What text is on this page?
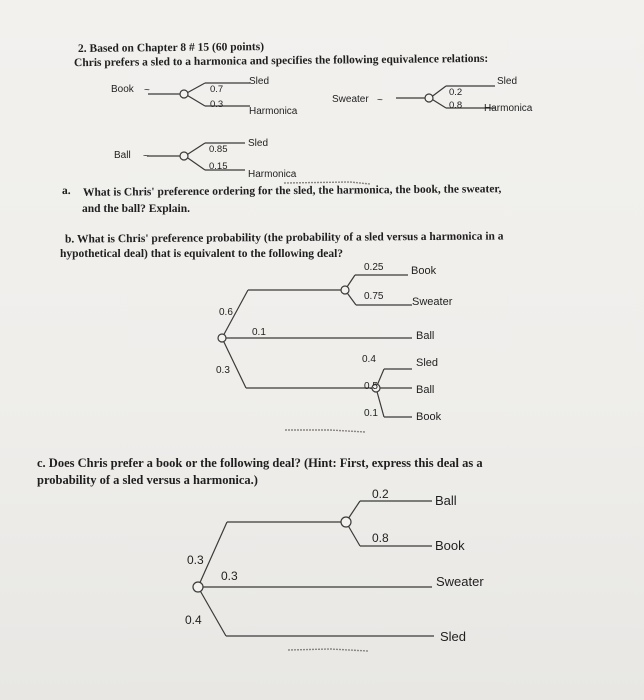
2. Based on Chapter 8 # 15 (60 points)
Chris prefers a sled to a harmonica and specifies the following equivalence relations:
Book ~	0.7
0.3
Sled
Harmonica
Sweater ~
0.2
0.8
Sled
Harmonica
Ball ~
0.85
0.15
Sled
Harmonica
a. What is Chris' preference ordering for the sled, the harmonica, the book, the sweater,
and the ball? Explain.
b. What is Chris' preference probability (the probability of a sled versus a harmonica in a
hypothetical deal) that is equivalent to the following deal?
0.6
0.3
0.1
0.25
0.75
Book
Sweater
Ball
0.4
0.5
0.1
Sled
Ball
Book
c. Does Chris prefer a book or the following deal? (Hint: First, express this deal as a
probability of a sled versus a harmonica.)
0.3
0.3
0.4
0.2
0.8
Ball
Book
Sweater
Sled
